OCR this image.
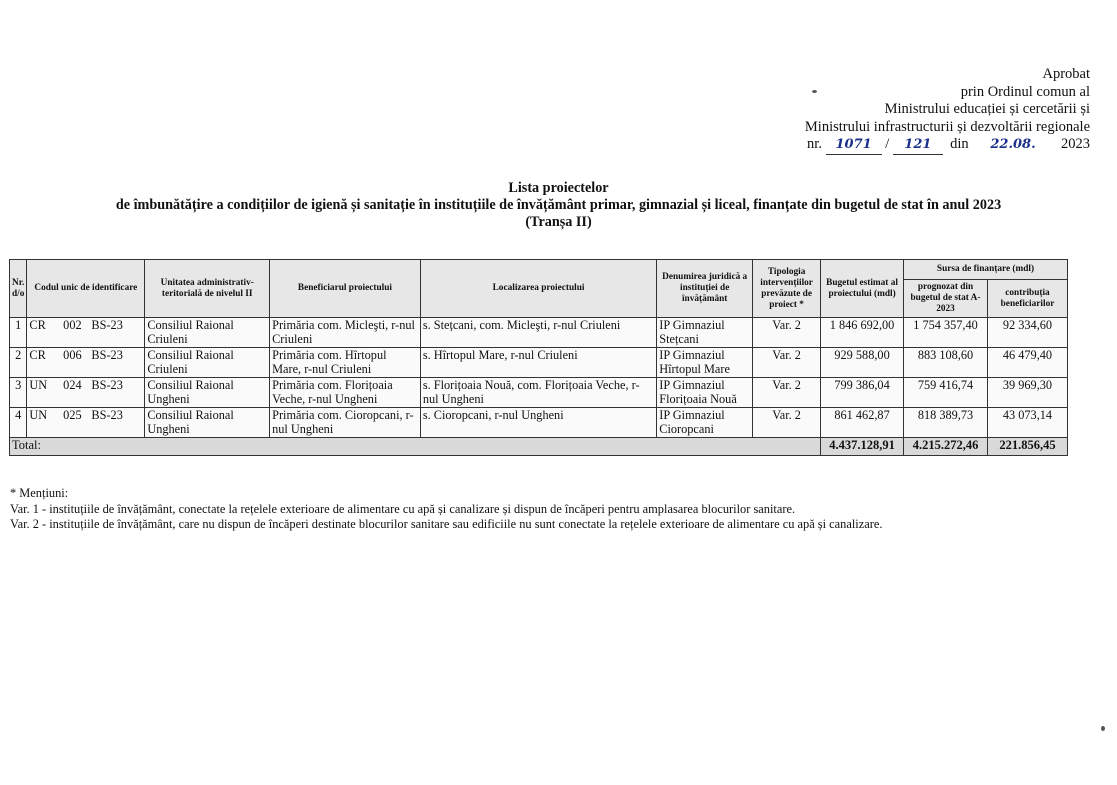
Aprobat
prin Ordinul comun al
Ministrului educației și cercetării și
Ministrului infrastructurii și dezvoltării regionale
nr. 1071 / 121 din 22.08. 2023
Lista proiectelor
de îmbunătățire a condițiilor de igienă și sanitație în instituțiile de învățământ primar, gimnazial și liceal, finanțate din bugetul de stat în anul 2023
(Tranșa II)
Nr. d/o	Codul unic de identificare	Unitatea administrativ-teritorială de nivelul II	Beneficiarul proiectului	Localizarea proiectului	Denumirea juridică a instituției de învățământ	Tipologia intervențiilor prevăzute de proiect *	Bugetul estimat al proiectului (mdl)	Sursa de finanțare (mdl)	
								prognozat din bugetul de stat A-2023	contribuția beneficiarilor
1	CR 002 BS-23	Consiliul Raional Criuleni	Primăria com. Micleşti, r-nul Criuleni	s. Stețcani, com. Micleşti, r-nul Criuleni	IP Gimnaziul Stețcani	Var. 2	1 846 692,00	1 754 357,40	92 334,60
2	CR 006 BS-23	Consiliul Raional Criuleni	Primăria com. Hîrtopul Mare, r-nul Criuleni	s. Hîrtopul Mare, r-nul Criuleni	IP Gimnaziul Hîrtopul Mare	Var. 2	929 588,00	883 108,60	46 479,40
3	UN 024 BS-23	Consiliul Raional Ungheni	Primăria com. Florițoaia Veche, r-nul Ungheni	s. Florițoaia Nouă, com. Florițoaia Veche, r-nul Ungheni	IP Gimnaziul Florițoaia Nouă	Var. 2	799 386,04	759 416,74	39 969,30
4	UN 025 BS-23	Consiliul Raional Ungheni	Primăria com. Cioropcani, r-nul Ungheni	s. Cioropcani, r-nul Ungheni	IP Gimnaziul Cioropcani	Var. 2	861 462,87	818 389,73	43 073,14
Total:							4.437.128,91	4.215.272,46	221.856,45
* Mențiuni:
Var. 1 - instituțiile de învățământ, conectate la rețelele exterioare de alimentare cu apă și canalizare și dispun de încăperi pentru amplasarea blocurilor sanitare.
Var. 2 - instituțiile de învățământ, care nu dispun de încăperi destinate blocurilor sanitare sau edificiile nu sunt conectate la rețelele exterioare de alimentare cu apă și canalizare.
